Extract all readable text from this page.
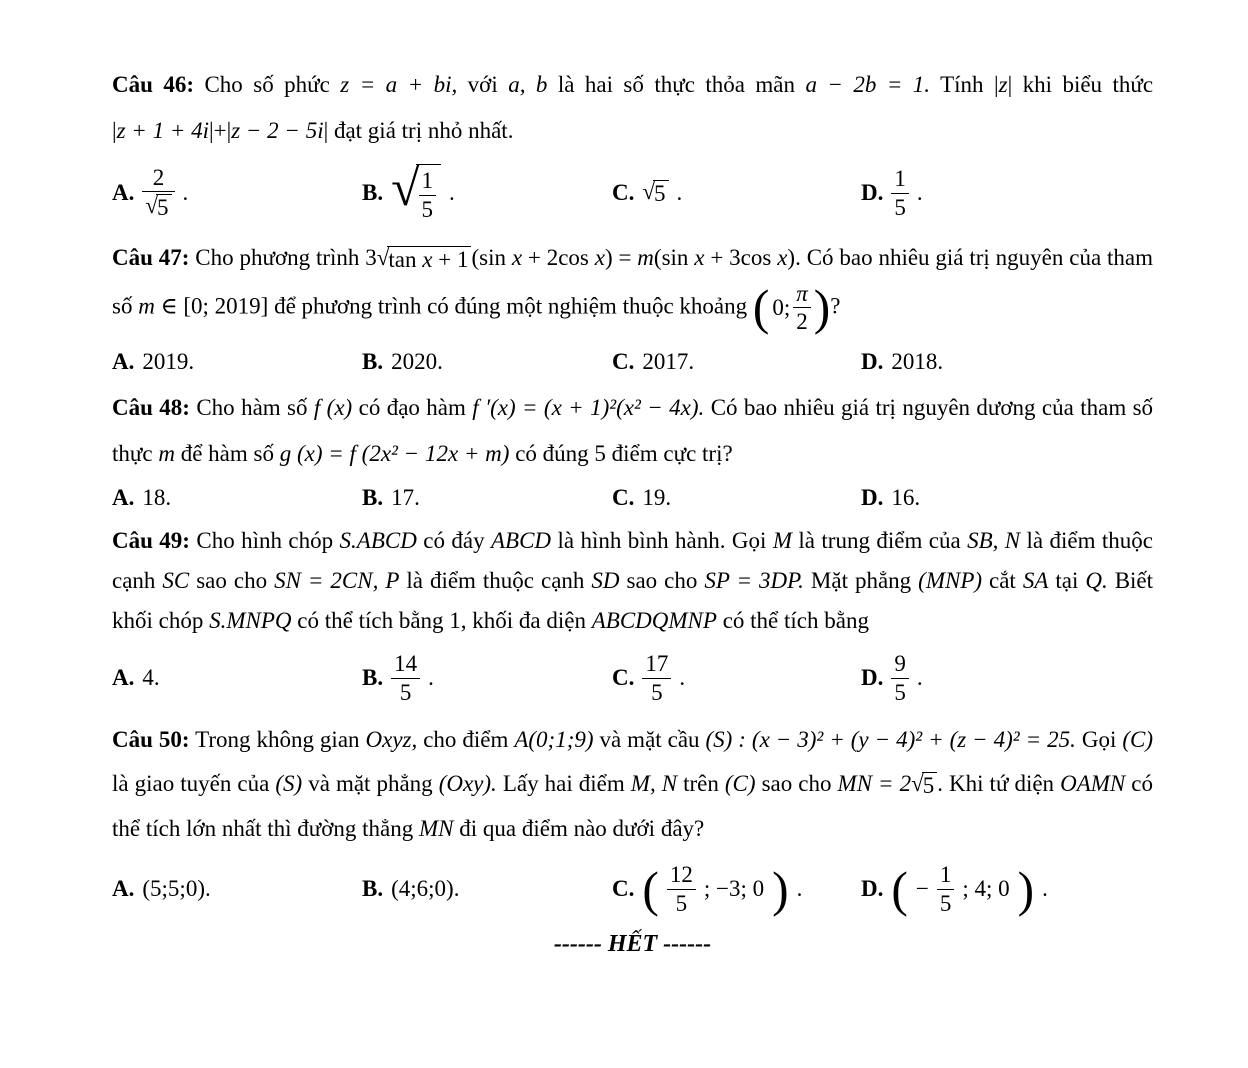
Câu 46: Cho số phức z = a + bi, với a, b là hai số thực thỏa mãn a − 2b = 1. Tính |z| khi biểu thức |z + 1 + 4i|+|z − 2 − 5i| đạt giá trị nhỏ nhất.

A. $\frac{2}{√ 5}$ .	B. √ $\frac{1}{5}$ .	C. √ 5 .	D. $\frac{1}{5}$ .

Câu 47: Cho phương trình 3 √ tan x + 1 (sin x + 2cos x) = m(sin x + 3cos x). Có bao nhiêu giá trị nguyên của tham số m ∈ [0; 2019] để phương trình có đúng một nghiệm thuộc khoảng ( 0; $\frac{\pi}{2}$ ) ?

A. 2019.	B. 2020.	C. 2017.	D. 2018.

Câu 48: Cho hàm số f (x) có đạo hàm f ′(x) = (x + 1)²(x² − 4x). Có bao nhiêu giá trị nguyên dương của tham số thực m để hàm số g (x) = f (2x² − 12x + m) có đúng 5 điểm cực trị?

A. 18.	B. 17.	C. 19.	D. 16.

Câu 49: Cho hình chóp S.ABCD có đáy ABCD là hình bình hành. Gọi M là trung điểm của SB, N là điểm thuộc cạnh SC sao cho SN = 2CN, P là điểm thuộc cạnh SD sao cho SP = 3DP. Mặt phẳng (MNP) cắt SA tại Q. Biết khối chóp S.MNPQ có thể tích bằng 1, khối đa diện ABCDQMNP có thể tích bằng

A. 4.	B. $\frac{14}{5}$ .	C. $\frac{17}{5}$ .	D. $\frac{9}{5}$ .

Câu 50: Trong không gian Oxyz, cho điểm A(0;1;9) và mặt cầu (S) : (x − 3)² + (y − 4)² + (z − 4)² = 25. Gọi (C) là giao tuyến của (S) và mặt phẳng (Oxy). Lấy hai điểm M, N trên (C) sao cho MN = 2 √ 5 . Khi tứ diện OAMN có thể tích lớn nhất thì đường thẳng MN đi qua điểm nào dưới đây?

A. (5;5;0).	B. (4;6;0).	C. ( $\frac{12}{5}$ ; −3; 0 ) .	D. ( − $\frac{1}{5}$ ; 4; 0 ) .
------ HẾT ------
